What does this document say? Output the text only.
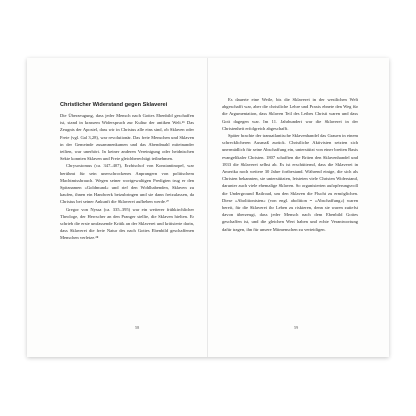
Christlicher Widerstand gegen Sklaverei

Die Überzeugung, dass jeder Mensch nach Gottes Ebenbild geschaffen ist, stand in krassem Widerspruch zur Kultur der antiken Welt.²⁶ Das Zeugnis der Apostel, dass wir in Christus alle eins sind, ob Sklaven oder Freie (vgl. Gal 3,28), war revolutionär. Das freie Menschen und Sklaven in der Gemeinde zusammenkamen und das Abendmahl miteinander teilten, war unerhört. In keiner anderen Vereinigung oder heidnischen Sekte konnten Sklaven und Freie gleichberechtigt teilnehmen.

Chrysostomus (ca. 347–407), Erzbischof von Konstantinopel, war berühmt für sein unerschrockenes Anprangern von politischem Machtmissbrauch. Wegen seiner wortgewaltigen Predigten trug er den Spitznamen »Goldmund« und rief den Wohlhabenden, Sklaven zu kaufen, ihnen ein Handwerk beizubringen und sie dann freizulassen, da Christus bei seiner Ankunft die Sklaverei aufheben werde.²⁷

Gregor von Nyssa (ca. 335–395) war ein weiterer frühkirchlicher Theologe, der Herrscher an den Pranger stellte, die Sklaven hielten. Er schrieb die erste umfassende Kritik an der Sklaverei und kritisierte darin, dass Sklaverei die freie Natur des nach Gottes Ebenbild geschaffenen Menschen verletze.²⁸

58

Es dauerte eine Weile, bis die Sklaverei in der westlichen Welt abgeschafft war, aber die christliche Lehre und Praxis ebnete den Weg für die Argumentation, dass Sklaven Teil des Leibes Christi waren und dass Gott dagegen war. Im 11. Jahrhundert war die Sklaverei in der Christenheit erfolgreich abgeschafft.

Später brachte der transatlantische Sklavenhandel das Grauen in einem schrecklicheren Ausmaß zurück. Christliche Aktivisten setzten sich unermüdlich für seine Abschaffung ein, unterstützt von einer breiten Basis evangelikaler Christen. 1807 schafften die Briten den Sklavenhandel und 1833 die Sklaverei selbst ab. Es ist erschütternd, dass die Sklaverei in Amerika noch weitere 30 Jahre fortbestand. Während einige, die sich als Christen bekannten, sie unterstützten, leisteten viele Christen Widerstand, darunter auch viele ehemalige Sklaven. So organisierten aufopferungsvoll die Underground Railroad, um den Sklaven die Flucht zu ermöglichen. Diese »Abolitionisten« (von engl. abolition = »Abschaffung«) waren bereit, für die Sklaverei ihr Leben zu riskieren, denn sie waren zutiefst davon überzeugt, dass jeder Mensch nach dem Ebenbild Gottes geschaffen ist, und die gleichen Wert haben und echte Verantwortung dafür tragen, ihn für unsere Mitmenschen zu verteidigen.

59
